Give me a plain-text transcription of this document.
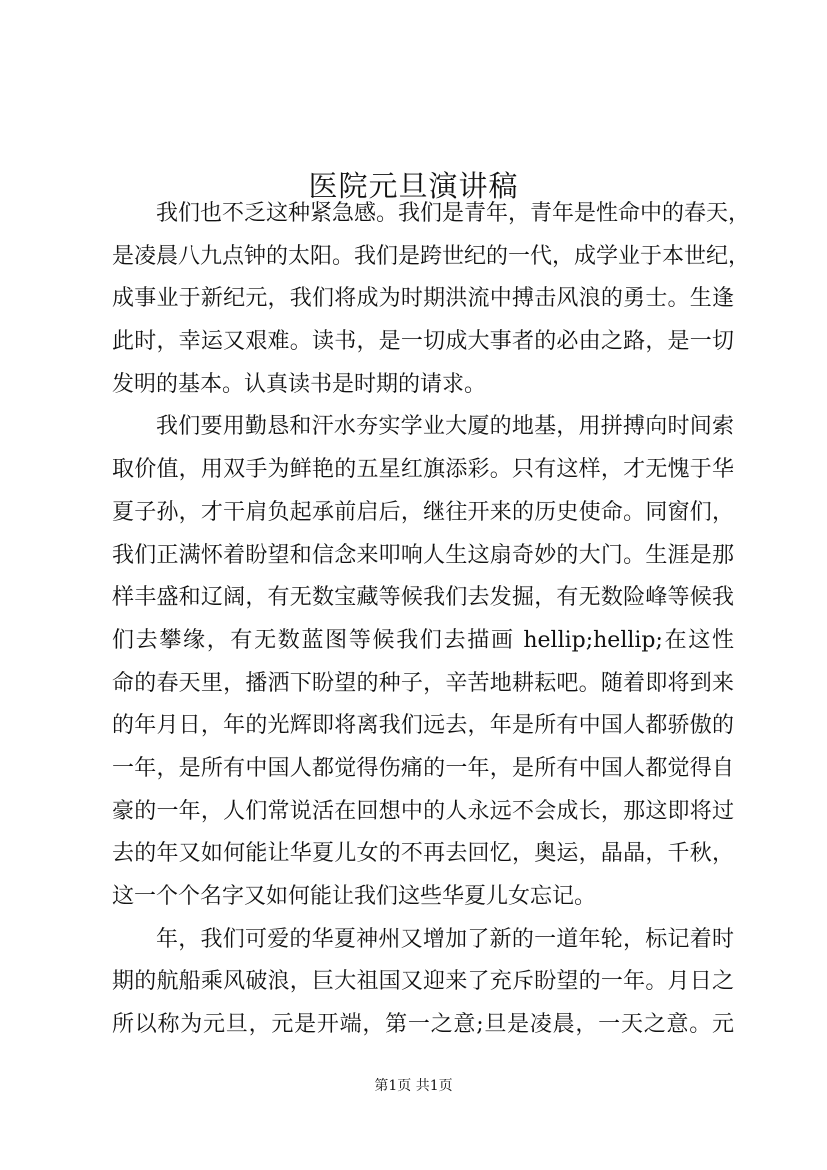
医院元旦演讲稿
我们也不乏这种紧急感。我们是青年，青年是性命中的春天，
是凌晨八九点钟的太阳。我们是跨世纪的一代，成学业于本世纪，
成事业于新纪元，我们将成为时期洪流中搏击风浪的勇士。生逢
此时，幸运又艰难。读书，是一切成大事者的必由之路，是一切
发明的基本。认真读书是时期的请求。
我们要用勤恳和汗水夯实学业大厦的地基，用拼搏向时间索
取价值，用双手为鲜艳的五星红旗添彩。只有这样，才无愧于华
夏子孙，才干肩负起承前启后，继往开来的历史使命。同窗们，
我们正满怀着盼望和信念来叩响人生这扇奇妙的大门。生涯是那
样丰盛和辽阔，有无数宝藏等候我们去发掘，有无数险峰等候我
们去攀缘，有无数蓝图等候我们去描画 hellip;hellip;在这性
命的春天里，播洒下盼望的种子，辛苦地耕耘吧。随着即将到来
的年月日，年的光辉即将离我们远去，年是所有中国人都骄傲的
一年，是所有中国人都觉得伤痛的一年，是所有中国人都觉得自
豪的一年，人们常说活在回想中的人永远不会成长，那这即将过
去的年又如何能让华夏儿女的不再去回忆，奥运，晶晶，千秋，
这一个个名字又如何能让我们这些华夏儿女忘记。
年，我们可爱的华夏神州又增加了新的一道年轮，标记着时
期的航船乘风破浪，巨大祖国又迎来了充斥盼望的一年。月日之
所以称为元旦，元是开端，第一之意;旦是凌晨，一天之意。元
第1页 共1页
